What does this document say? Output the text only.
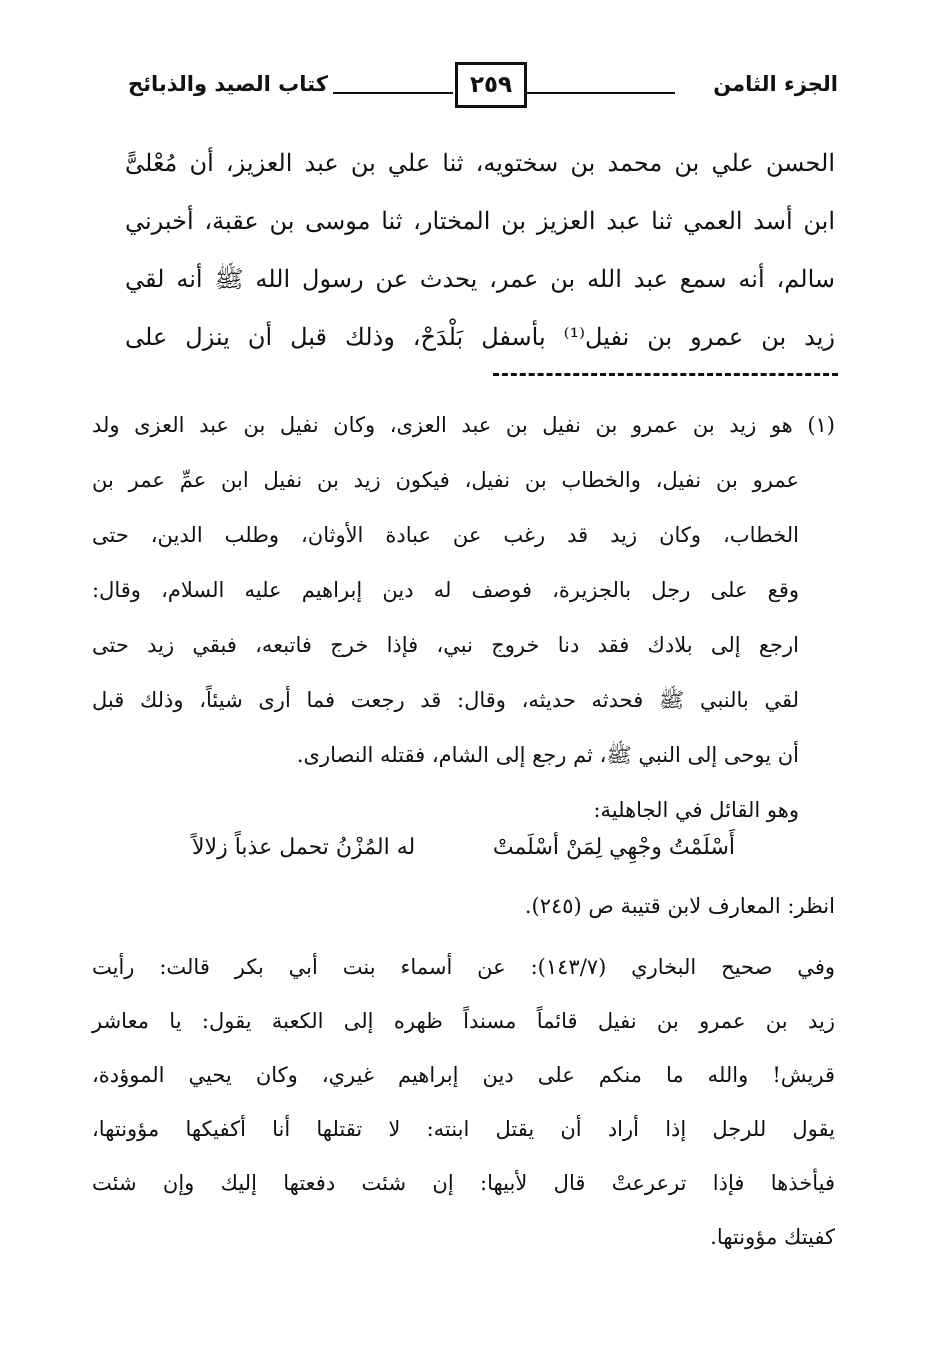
الجزء الثامن
٢٥٩
كتاب الصيد والذبائح
الحسن علي بن محمد بن سختويه، ثنا علي بن عبد العزيز، أن مُعْلىًّ
ابن أسد العمي ثنا عبد العزيز بن المختار، ثنا موسى بن عقبة، أخبرني
سالم، أنه سمع عبد الله بن عمر، يحدث عن رسول الله ﷺ أنه لقي
زيد بن عمرو بن نفيل⁽¹⁾ بأسفل بَلْدَحْ، وذلك قبل أن ينزل على
(١) هو زيد بن عمرو بن نفيل بن عبد العزى، وكان نفيل بن عبد العزى ولد
عمرو بن نفيل، والخطاب بن نفيل، فيكون زيد بن نفيل ابن عمِّ عمر بن
الخطاب، وكان زيد قد رغب عن عبادة الأوثان، وطلب الدين، حتى
وقع على رجل بالجزيرة، فوصف له دين إبراهيم عليه السلام، وقال:
ارجع إلى بلادك فقد دنا خروج نبي، فإذا خرج فاتبعه، فبقي زيد حتى
لقي بالنبي ﷺ فحدثه حديثه، وقال: قد رجعت فما أرى شيئاً، وذلك قبل
أن يوحى إلى النبي ﷺ، ثم رجع إلى الشام، فقتله النصارى.
وهو القائل في الجاهلية:
أَسْلَمْتُ وجْهِي لِمَنْ أسْلَمتْ
له المُزْنُ تحمل عذباً زلالاً
انظر: المعارف لابن قتيبة ص (٢٤٥).
وفي صحيح البخاري (١٤٣/٧): عن أسماء بنت أبي بكر قالت: رأيت
زيد بن عمرو بن نفيل قائماً مسنداً ظهره إلى الكعبة يقول: يا معاشر
قريش! والله ما منكم على دين إبراهيم غيري، وكان يحيي الموؤدة،
يقول للرجل إذا أراد أن يقتل ابنته: لا تقتلها أنا أكفيكها مؤونتها،
فيأخذها فإذا ترعرعتْ قال لأبيها: إن شئت دفعتها إليك وإن شئت
كفيتك مؤونتها.
